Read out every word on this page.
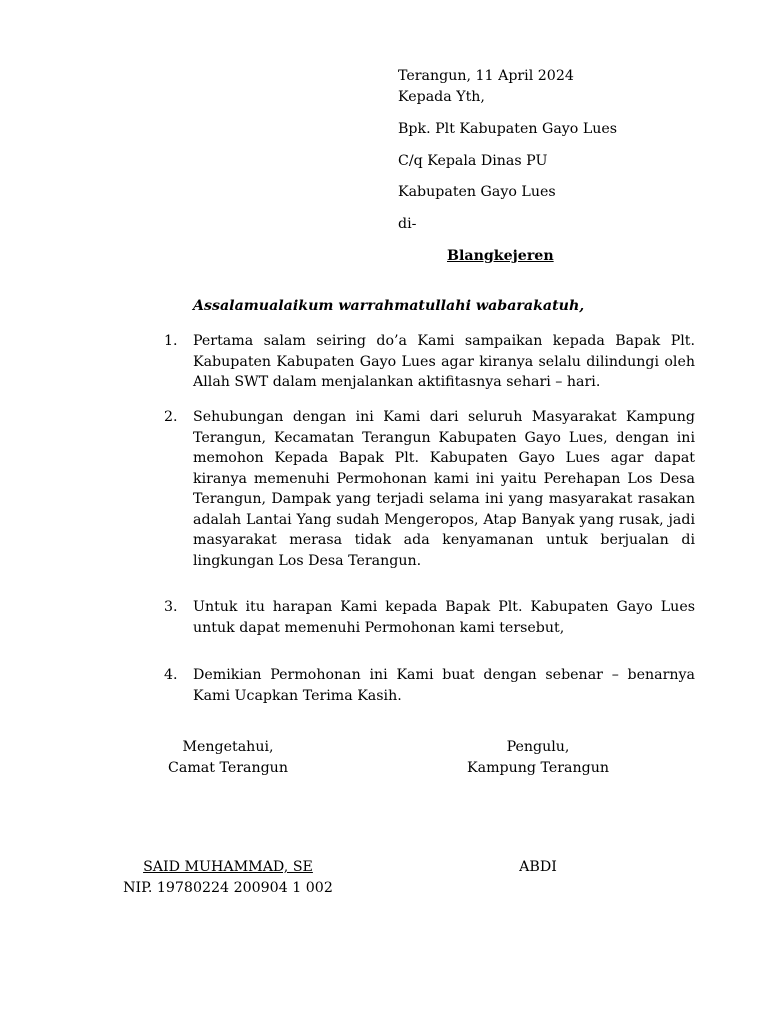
Terangun, 11 April 2024
Kepada Yth,
Bpk. Plt Kabupaten Gayo Lues
C/q Kepala Dinas PU
Kabupaten Gayo Lues
di-
Blangkejeren
Assalamualaikum warrahmatullahi wabarakatuh,
1.	Pertama salam seiring do’a Kami sampaikan kepada Bapak Plt. Kabupaten Kabupaten Gayo Lues agar kiranya selalu dilindungi oleh Allah SWT dalam menjalankan aktifitasnya sehari – hari.
2.	Sehubungan dengan ini Kami dari seluruh Masyarakat Kampung Terangun, Kecamatan Terangun Kabupaten Gayo Lues, dengan ini memohon Kepada Bapak Plt. Kabupaten Gayo Lues agar dapat kiranya memenuhi Permohonan kami ini yaitu Perehapan Los Desa Terangun, Dampak yang terjadi selama ini yang masyarakat rasakan adalah Lantai Yang sudah Mengeropos, Atap Banyak yang rusak, jadi masyarakat merasa tidak ada kenyamanan untuk berjualan di lingkungan Los Desa Terangun.
3.	Untuk itu harapan Kami kepada Bapak Plt. Kabupaten Gayo Lues untuk dapat memenuhi Permohonan kami tersebut,
4.	Demikian Permohonan ini Kami buat dengan sebenar – benarnya Kami Ucapkan Terima Kasih.
Mengetahui,
Camat Terangun
Pengulu,
Kampung Terangun
SAID MUHAMMAD, SE
NIP. 19780224 200904 1 002
ABDI
